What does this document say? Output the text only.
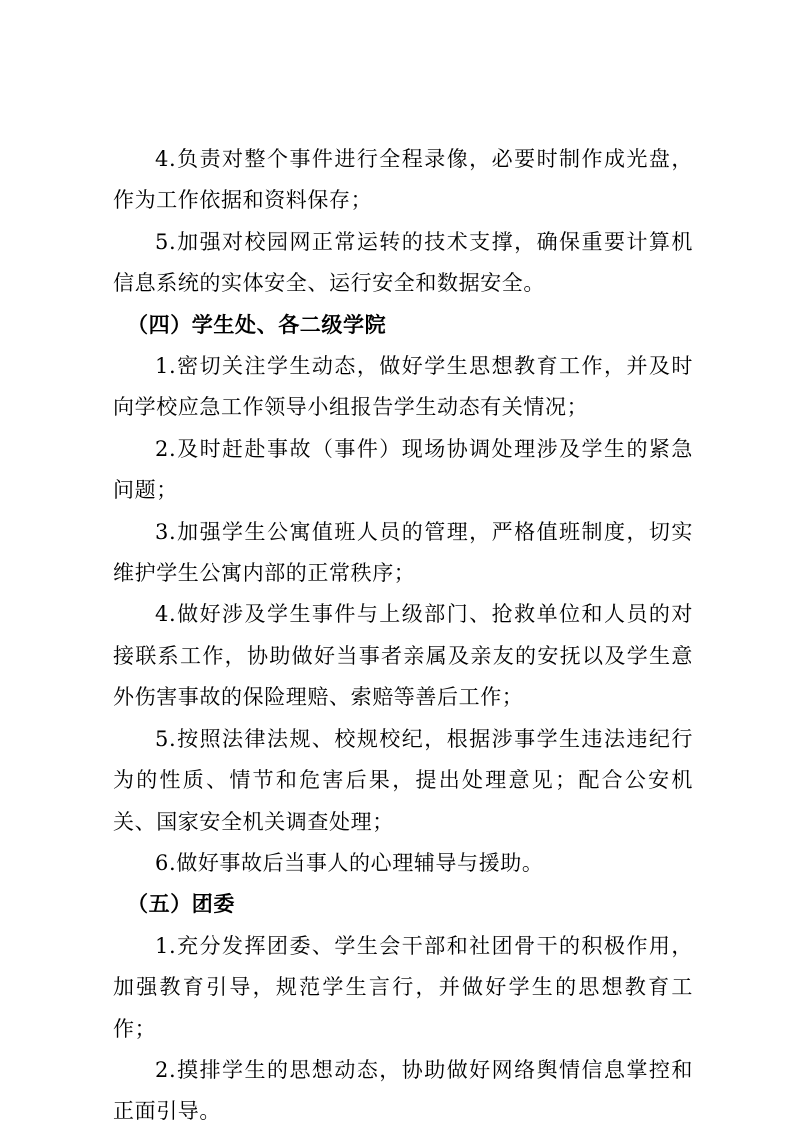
4.负责对整个事件进行全程录像，必要时制作成光盘，作为工作依据和资料保存；

5.加强对校园网正常运转的技术支撑，确保重要计算机信息系统的实体安全、运行安全和数据安全。

（四）学生处、各二级学院

1.密切关注学生动态，做好学生思想教育工作，并及时向学校应急工作领导小组报告学生动态有关情况；

2.及时赶赴事故（事件）现场协调处理涉及学生的紧急问题；

3.加强学生公寓值班人员的管理，严格值班制度，切实维护学生公寓内部的正常秩序；

4.做好涉及学生事件与上级部门、抢救单位和人员的对接联系工作，协助做好当事者亲属及亲友的安抚以及学生意外伤害事故的保险理赔、索赔等善后工作；

5.按照法律法规、校规校纪，根据涉事学生违法违纪行为的性质、情节和危害后果，提出处理意见；配合公安机关、国家安全机关调查处理；

6.做好事故后当事人的心理辅导与援助。

（五）团委

1.充分发挥团委、学生会干部和社团骨干的积极作用，加强教育引导，规范学生言行，并做好学生的思想教育工作；

2.摸排学生的思想动态，协助做好网络舆情信息掌控和正面引导。
